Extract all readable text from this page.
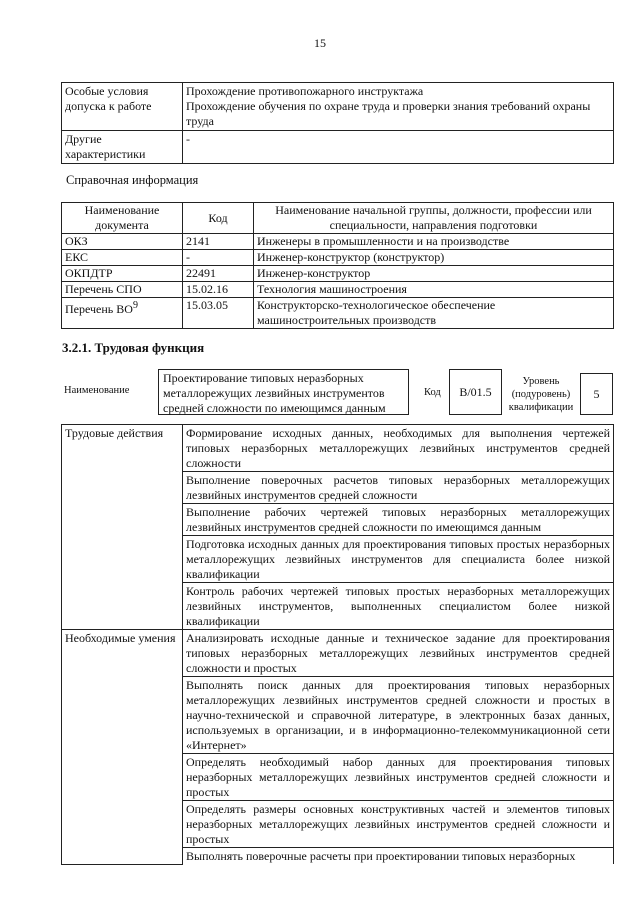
15
Особые условия допуска к работе	Прохождение противопожарного инструктажа
Прохождение обучения по охране труда и проверки знания требований охраны труда

Другие характеристики	-
Справочная информация
Наименование документа	Код	Наименование начальной группы, должности, профессии или специальности, направления подготовки
ОКЗ	2141	Инженеры в промышленности и на производстве
ЕКС	-	Инженер-конструктор (конструктор)
ОКПДТР	22491	Инженер-конструктор
Перечень СПО	15.02.16	Технология машиностроения
Перечень $ВО^9$	15.03.05	Конструкторско-технологическое обеспечение машиностроительных производств
3.2.1. Трудовая функция
Наименование
Проектирование типовых неразборных металлорежущих лезвийных инструментов средней сложности по имеющимся данным
Код	B/01.5
Уровень (подуровень) квалификации
5
Трудовые действия	Формирование исходных данных, необходимых для выполнения чертежей типовых неразборных металлорежущих лезвийных инструментов средней сложности
	Выполнение поверочных расчетов типовых неразборных металлорежущих лезвийных инструментов средней сложности
	Выполнение рабочих чертежей типовых неразборных металлорежущих лезвийных инструментов средней сложности по имеющимся данным
	Подготовка исходных данных для проектирования типовых простых неразборных металлорежущих лезвийных инструментов для специалиста более низкой квалификации
	Контроль рабочих чертежей типовых простых неразборных металлорежущих лезвийных инструментов, выполненных специалистом более низкой квалификации
Необходимые умения	Анализировать исходные данные и техническое задание для проектирования типовых неразборных металлорежущих лезвийных инструментов средней сложности и простых
	Выполнять поиск данных для проектирования типовых неразборных металлорежущих лезвийных инструментов средней сложности и простых в научно-технической и справочной литературе, в электронных базах данных, используемых в организации, и в информационно-телекоммуникационной сети «Интернет»
	Определять необходимый набор данных для проектирования типовых неразборных металлорежущих лезвийных инструментов средней сложности и простых
	Определять размеры основных конструктивных частей и элементов типовых неразборных металлорежущих лезвийных инструментов средней сложности и простых
	Выполнять поверочные расчеты при проектировании типовых неразборных
